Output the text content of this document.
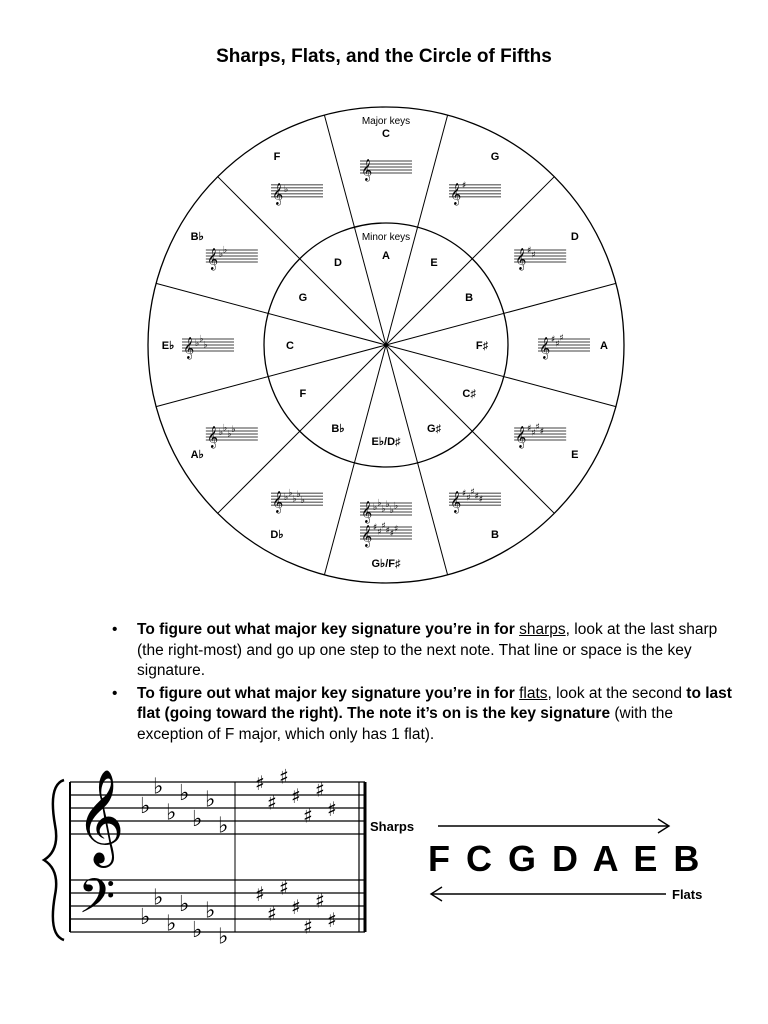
Sharps, Flats, and the Circle of Fifths
Major keys
Minor keys
C
A
𝄞
G
E
𝄞 ♯
D
B
𝄞 ♯ ♯
A
F♯	𝄞 ♯ ♯
♯
E
C♯
𝄞 ♯ ♯
♯ ♯
B
G♯
𝄞 ♯ ♯
♯ ♯ ♯
G♭/F♯
E♭/D♯
𝄞 ♭ ♭
♭ ♭
♭ ♭
𝄞 ♯ ♯
♯ ♯ ♯ ♯
D♭
B♭
𝄞 ♭ ♭
♭ ♭
♭
A♭
F
𝄞 ♭ ♭
♭ ♭
E♭	C
𝄞 ♭ ♭
♭
B♭
G
𝄞 ♭ ♭
F
D
𝄞 ♭
• To figure out what major key signature you’re in for sharps, look at the last sharp (the right-most) and go up one step to the next note. That line or space is the key signature.
• To figure out what major key signature you’re in for flats, look at the second to last flat (going toward the right). The note it’s on is the key signature (with the exception of F major, which only has 1 flat).
𝄞
𝄢
♭
♯
♭
♯
♭
♯
♭
♯
♭
♯
♭
♯
♭	♯
♭	♯
♭	♯
♭	♯
♭	♯
♭	♯
♭
♯
♭
♯
Sharps
Flats
F C G D A E B
